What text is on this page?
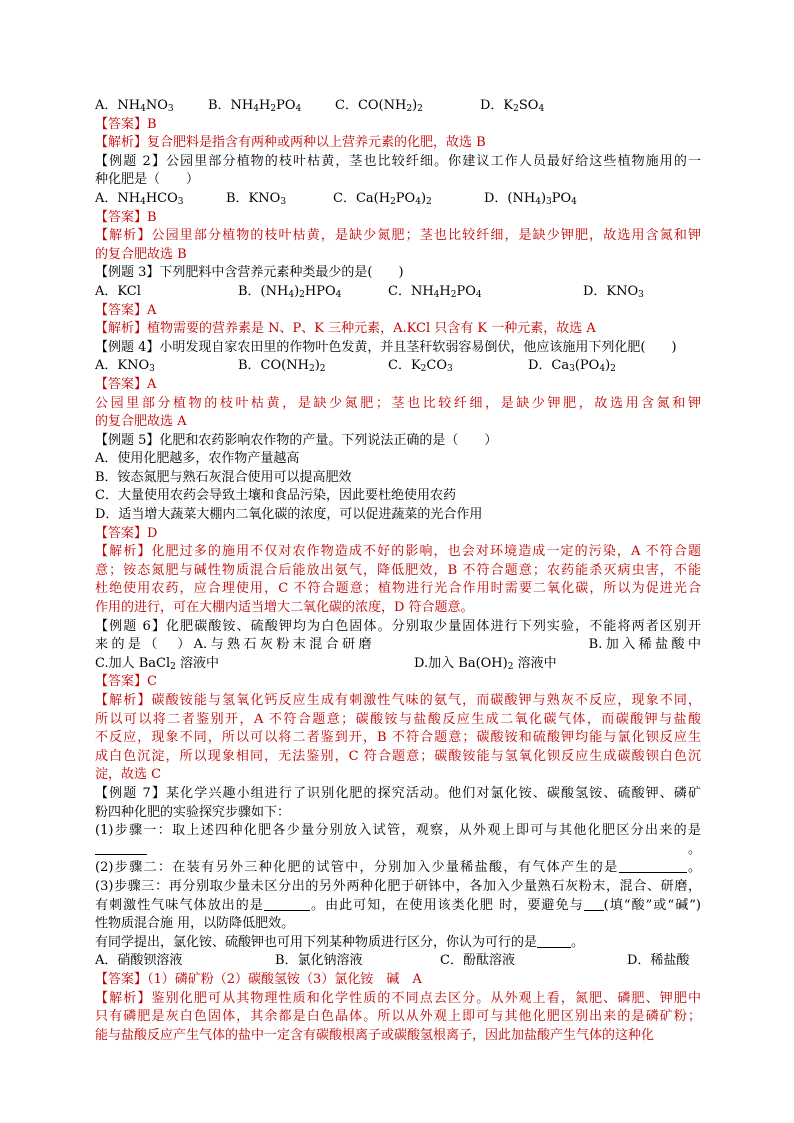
A．$NH_4NO_3$	B．$NH_4H_2PO_4$	C．$CO(NH_2)_2$	D．$K_2SO_4$
【答案】B
【解析】复合肥料是指含有两种或两种以上营养元素的化肥，故选 B
【例题 2】公园里部分植物的枝叶枯黄，茎也比较纤细。你建议工作人员最好给这些植物施用的一
种化肥是（　　）
A．$NH_4HCO_3$	B．$KNO_3$	C．$Ca(H_2PO_4)_2$	D．$(NH_4)_3PO_4$
【答案】B
【解析】公园里部分植物的枝叶枯黄，是缺少氮肥；茎也比较纤细，是缺少钾肥，故选用含氮和钾
的复合肥故选 B
【例题 3】下列肥料中含营养元素种类最少的是(　　)
A．KCl	B．$(NH_4)_2HPO_4$	C．$NH_4H_2PO_4$	D．$KNO_3$
【答案】A
【解析】植物需要的营养素是 N、P、K 三种元素，A.KCl 只含有 K 一种元素，故选 A
【例题 4】小明发现自家农田里的作物叶色发黄，并且茎秆软弱容易倒伏，他应该施用下列化肥(　　)
A．$KNO_3$	B．$CO(NH_2)_2$	C．$K_2CO_3$	D．$Ca_3(PO_4)_2$
【答案】A
公园里部分植物的枝叶枯黄，是缺少氮肥；茎也比较纤细，是缺少钾肥，故选用含氮和钾
的复合肥故选 A
【例题 5】化肥和农药影响农作物的产量。下列说法正确的是（　　）
A．使用化肥越多，农作物产量越高
B．铵态氮肥与熟石灰混合使用可以提高肥效
C．大量使用农药会导致土壤和食品污染，因此要杜绝使用农药
D．适当增大蔬菜大棚内二氧化碳的浓度，可以促进蔬菜的光合作用
【答案】D
【解析】化肥过多的施用不仅对农作物造成不好的影响，也会对环境造成一定的污染，A 不符合题
意；铵态氮肥与碱性物质混合后能放出氨气，降低肥效，B 不符合题意；农药能杀灭病虫害，不能
杜绝使用农药，应合理使用，C 不符合题意；植物进行光合作用时需要二氧化碳，所以为促进光合
作用的进行，可在大棚内适当增大二氧化碳的浓度，D 符合题意。
【例题 6】化肥碳酸铵、硫酸钾均为白色固体。分别取少量固体进行下列实验，不能将两者区别开
来的是（　）A.与熟石灰粉末混合研磨　　　　　　　　　　　　　B.加入稀盐酸中
C.加人 BaCl$_2$ 溶液中　　　　　　　　　　　　　　　D.加入 $Ba(OH)_2$ 溶液中
【答案】C
【解析】碳酸铵能与氢氧化钙反应生成有刺激性气味的氨气，而碳酸钾与熟灰不反应，现象不同，
所以可以将二者鉴别开，A 不符合题意；碳酸铵与盐酸反应生成二氧化碳气体，而碳酸钾与盐酸
不反应，现象不同，所以可以将二者鉴到开，B 不符合题意；碳酸铵和硫酸钾均能与氯化钡反应生
成白色沉淀，所以现象相同，无法鉴别，C 符合题意；碳酸铵能与氢氧化钡反应生成碳酸钡白色沉
淀，故选 C
【例题 7】某化学兴趣小组进行了识别化肥的探究活动。他们对氯化铵、碳酸氢铵、硫酸钾、磷矿
粉四种化肥的实验探究步骤如下：
(1)步骤一：取上述四种化肥各少量分别放入试管，观察，从外观上即可与其他化肥区分出来的是
。
(2)步骤二：在装有另外三种化肥的试管中，分别加入少量稀盐酸，有气体产生的是	。
(3)步骤三：再分别取少量未区分出的另外两种化肥于研钵中，各加入少量熟石灰粉末，混合、研磨，
有刺激性气味气体放出的是	。由此可知，在使用该类化肥 时，要避免与 (填“酸”或“碱”)
性物质混合施 用，以防降低肥效。
有同学提出，氯化铵、硫酸钾也可用下列某种物质进行区分，你认为可行的是	。
A．硝酸钡溶液	B．氯化钠溶液	C．酚酞溶液	D．稀盐酸
【答案】（1）磷矿粉（2）碳酸氢铵（3）氯化铵　碱　A
【解析】鉴别化肥可从其物理性质和化学性质的不同点去区分。从外观上看，氮肥、磷肥、钾肥中
只有磷肥是灰白色固体，其余都是白色晶体。所以从外观上即可与其他化肥区别出来的是磷矿粉；
能与盐酸反应产生气体的盐中一定含有碳酸根离子或碳酸氢根离子，因此加盐酸产生气体的这种化
